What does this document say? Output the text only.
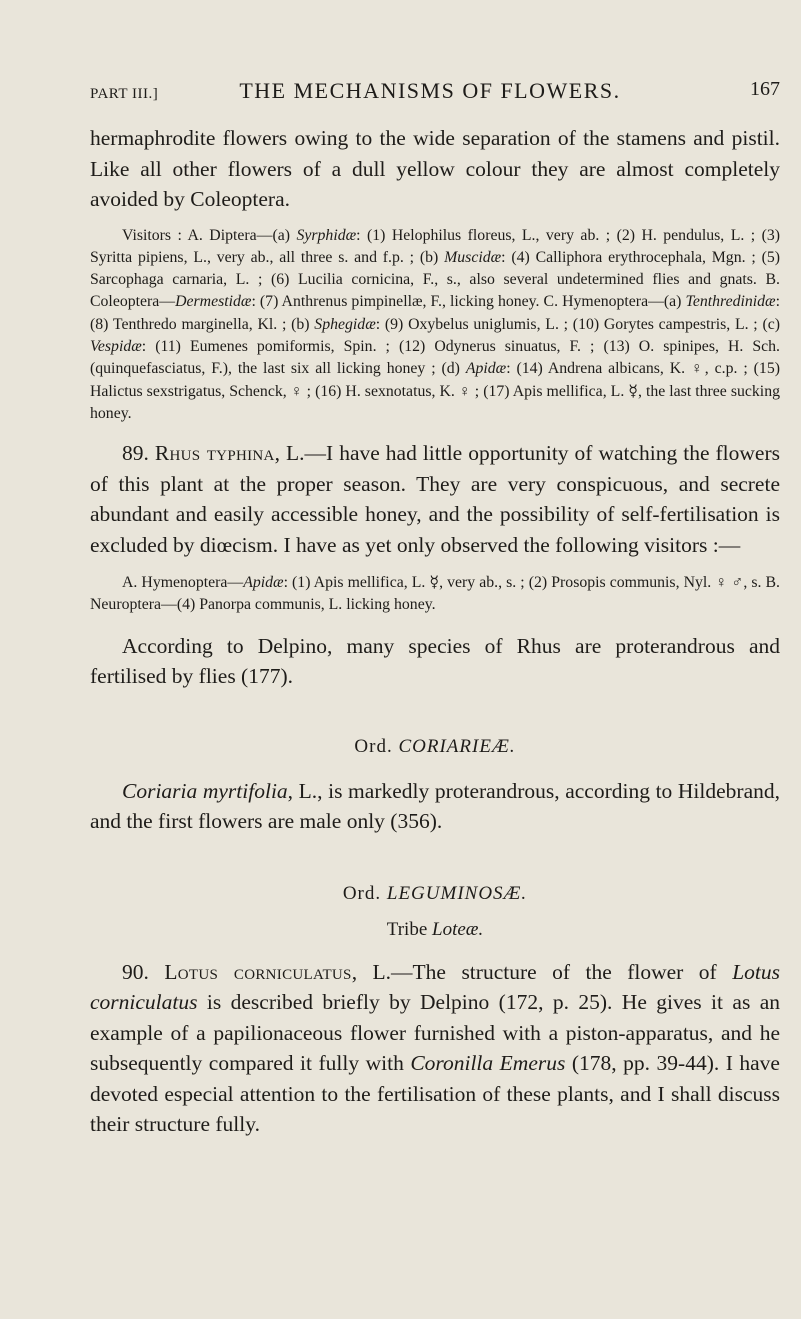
PART III.]	THE MECHANISMS OF FLOWERS.	167

hermaphrodite flowers owing to the wide separation of the stamens and pistil. Like all other flowers of a dull yellow colour they are almost completely avoided by Coleoptera.

Visitors : A. Diptera—(a) Syrphidæ: (1) Helophilus floreus, L., very ab. ; (2) H. pendulus, L. ; (3) Syritta pipiens, L., very ab., all three s. and f.p. ; (b) Muscidæ: (4) Calliphora erythrocephala, Mgn. ; (5) Sarcophaga carnaria, L. ; (6) Lucilia cornicina, F., s., also several undetermined flies and gnats. B. Coleoptera—Dermestidæ: (7) Anthrenus pimpinellæ, F., licking honey. C. Hymenoptera—(a) Tenthredinidæ: (8) Tenthredo marginella, Kl. ; (b) Sphegidæ: (9) Oxybelus uniglumis, L. ; (10) Gorytes campestris, L. ; (c) Vespidæ: (11) Eumenes pomiformis, Spin. ; (12) Odynerus sinuatus, F. ; (13) O. spinipes, H. Sch. (quinquefasciatus, F.), the last six all licking honey ; (d) Apidæ: (14) Andrena albicans, K. ♀, c.p. ; (15) Halictus sexstrigatus, Schenck, ♀ ; (16) H. sexnotatus, K. ♀ ; (17) Apis mellifica, L. ☿, the last three sucking honey.

89. Rhus typhina, L.—I have had little opportunity of watching the flowers of this plant at the proper season. They are very conspicuous, and secrete abundant and easily accessible honey, and the possibility of self-fertilisation is excluded by diœcism. I have as yet only observed the following visitors :—

A. Hymenoptera—Apidæ: (1) Apis mellifica, L. ☿, very ab., s. ; (2) Prosopis communis, Nyl. ♀ ♂, s. B. Neuroptera—(4) Panorpa communis, L. licking honey.

According to Delpino, many species of Rhus are proterandrous and fertilised by flies (177).

Ord. CORIARIEÆ.

Coriaria myrtifolia, L., is markedly proterandrous, according to Hildebrand, and the first flowers are male only (356).

Ord. LEGUMINOSÆ.

Tribe Loteæ.

90. Lotus corniculatus, L.—The structure of the flower of Lotus corniculatus is described briefly by Delpino (172, p. 25). He gives it as an example of a papilionaceous flower furnished with a piston-apparatus, and he subsequently compared it fully with Coronilla Emerus (178, pp. 39-44). I have devoted especial attention to the fertilisation of these plants, and I shall discuss their structure fully.
